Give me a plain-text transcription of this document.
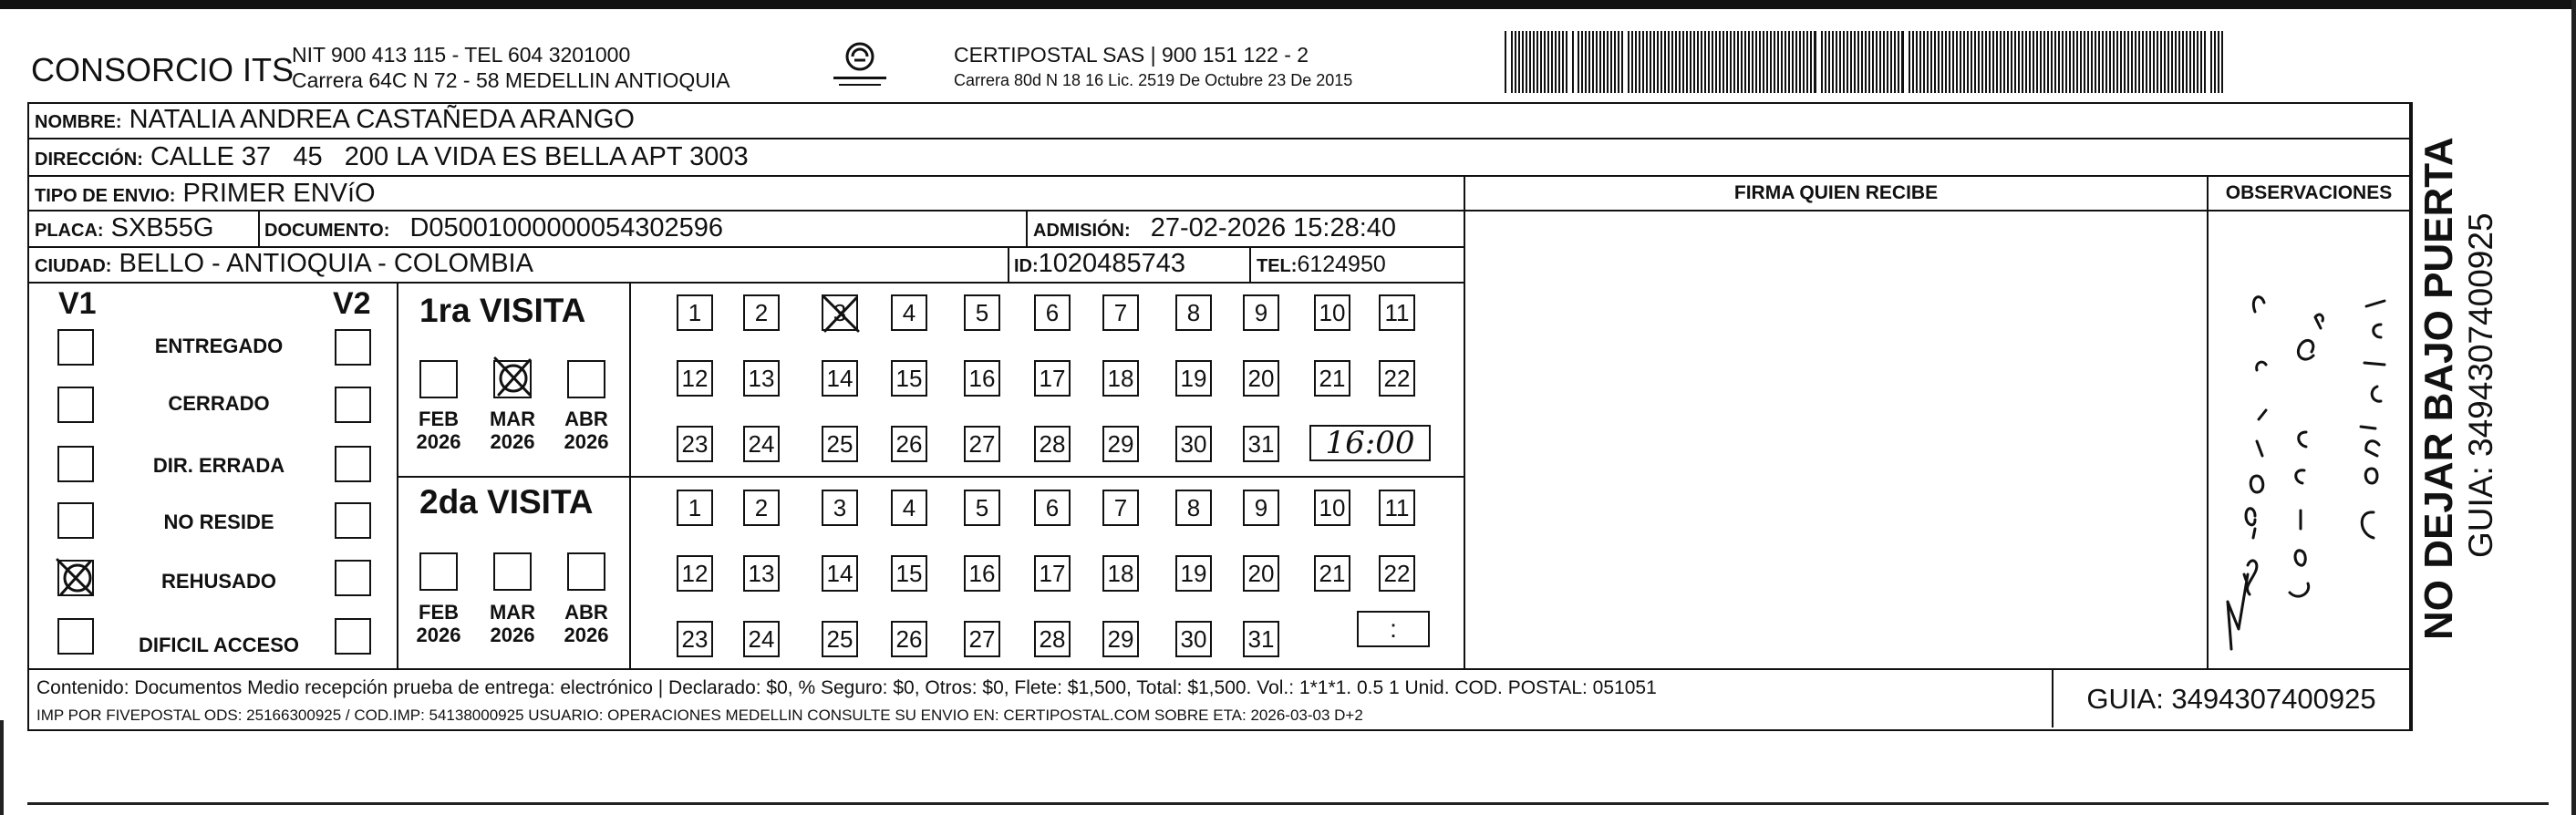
CONSORCIO ITS
NIT 900 413 115 - TEL 604 3201000
Carrera 64C N 72 - 58 MEDELLIN ANTIOQUIA
CERTIPOSTAL SAS | 900 151 122 - 2
Carrera 80d N 18 16 Lic. 2519 De Octubre 23 De 2015
NOMBRE: NATALIA ANDREA CASTAÑEDA ARANGO
DIRECCIÓN: CALLE 37   45   200 LA VIDA ES BELLA APT 3003
TIPO DE ENVIO: PRIMER ENVíO
PLACA: SXB55G	DOCUMENTO: D05001000000054302596	ADMISIÓN: 27-02-2026 15:28:40
CIUDAD: BELLO - ANTIOQUIA - COLOMBIA	ID:1020485743	TEL:6124950
FIRMA QUIEN RECIBE	OBSERVACIONES NO DEJAR BAJO PUERTA GUIA: 3494307400925
V1	V2
ENTREGADO
CERRADO
DIR. ERRADA
NO RESIDE
REHUSADO
DIFICIL ACCESO
1ra VISITA
FEB
2026
MAR
2026
ABR
2026
1	2	3	4	5	6	7	8	9	10 11
12 13 14 15 16 17 18 19 20 21 22
23 24 25 26 27 28 29 30 31 16:00
2da VISITA
FEB
2026
MAR
2026
ABR
2026
1	2	3	4	5	6	7	8	9	10 11
12 13 14 15 16 17 18 19 20 21 22
23 24 25 26 27 28 29 30 31	:
Contenido: Documentos Medio recepción prueba de entrega: electrónico | Declarado: $0, % Seguro: $0, Otros: $0, Flete: $1,500, Total: $1,500. Vol.: 1*1*1. 0.5 1 Unid. COD. POSTAL: 051051
IMP POR FIVEPOSTAL ODS: 25166300925 / COD.IMP: 54138000925 USUARIO: OPERACIONES MEDELLIN CONSULTE SU ENVIO EN: CERTIPOSTAL.COM SOBRE ETA: 2026-03-03 D+2
GUIA: 3494307400925
